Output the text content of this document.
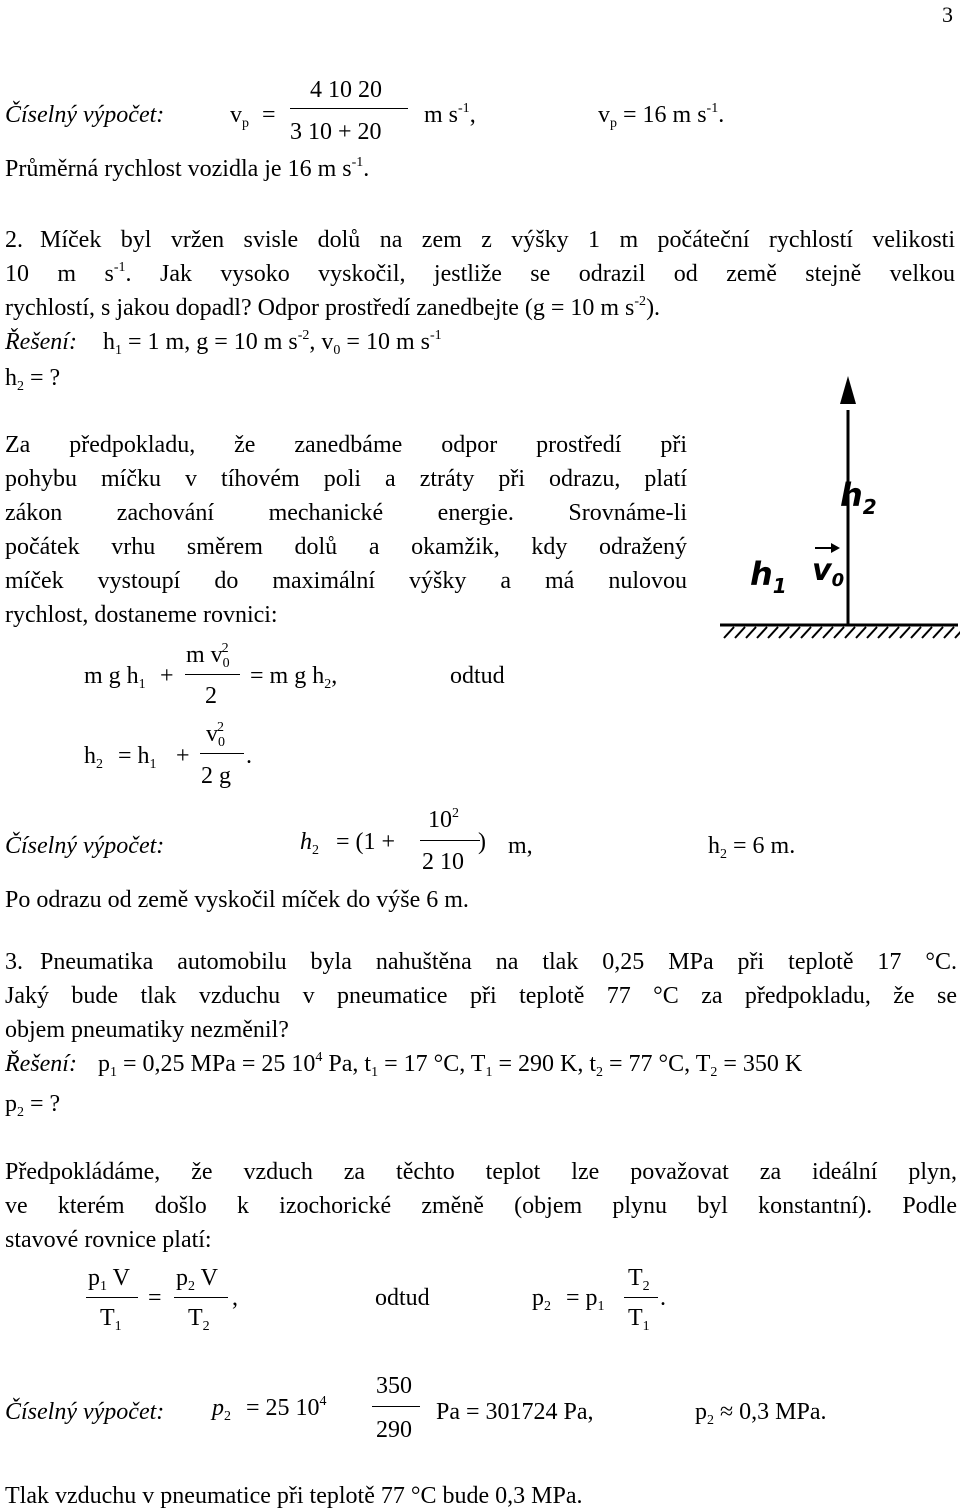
3
Číselný výpočet:	$v_p$ =
4 10 20
3 10 + 20
m $s^{-1}$,	$v_p = 16$ m $s^{-1}$.
Průměrná rychlost vozidla je 16 m $s^{-1}$.
2. Míček byl vržen svisle dolů na zem z výšky 1 m počáteční rychlostí velikosti
10 m $s^{-1}$. Jak vysoko vyskočil, jestliže se odrazil od země stejně velkou
rychlostí, s jakou dopadl? Odpor prostředí zanedbejte (g = 10 m $s^{-2}$).
Řešení: $h_1 = 1$ m, g = 10 m $s^{-2}$, $v_0 = 10$ m $s^{-1}$
$h_2$ = ?
Za předpokladu, že zanedbáme odpor prostředí při
pohybu míčku v tíhovém poli a ztráty při odrazu, platí
zákon zachování mechanické energie. Srovnáme-li
počátek vrhu směrem dolů a okamžik, kdy odražený
míček vystoupí do maximální výšky a má nulovou
rychlost, dostaneme rovnici:
m g $h_1$ +
m $v_0^2$
2
= m g $h_2$,	odtud
$h_2 = h_1$ +
$v_0^2$
2 g
.
Číselný výpočet:	$h_2 = (1$ +
$10^2$
2 10
) m,	$h_2 = 6$ m.
Po odrazu od země vyskočil míček do výše 6 m.
$h_2$
$h_1$ $v_0$
3. Pneumatika automobilu byla nahuštěna na tlak 0,25 MPa při teplotě 17 °C.
Jaký bude tlak vzduchu v pneumatice při teplotě 77 °C za předpokladu, že se
objem pneumatiky nezměnil?
Řešení: $p_1 = 0,25$ MPa = 25 $10^4$ Pa, $t_1 = 17$ °C, $T_1 = 290$ K, $t_2 = 77$ °C, $T_2 = 350$ K
$p_2$ = ?
Předpokládáme, že vzduch za těchto teplot lze považovat za ideální plyn,
ve kterém došlo k izochorické změně (objem plynu byl konstantní). Podle
stavové rovnice platí:
$p_1$ V
$T_1$
=
$p_2$ V
$T_2$
,	odtud	$p_2 = p_1$
$T_2$
$T_1$
.
Číselný výpočet: $p_2 = 25$ $10^4$
350
290
Pa = 301724 Pa,	$p_2 \approx 0,3$ MPa.
Tlak vzduchu v pneumatice při teplotě 77 °C bude 0,3 MPa.
